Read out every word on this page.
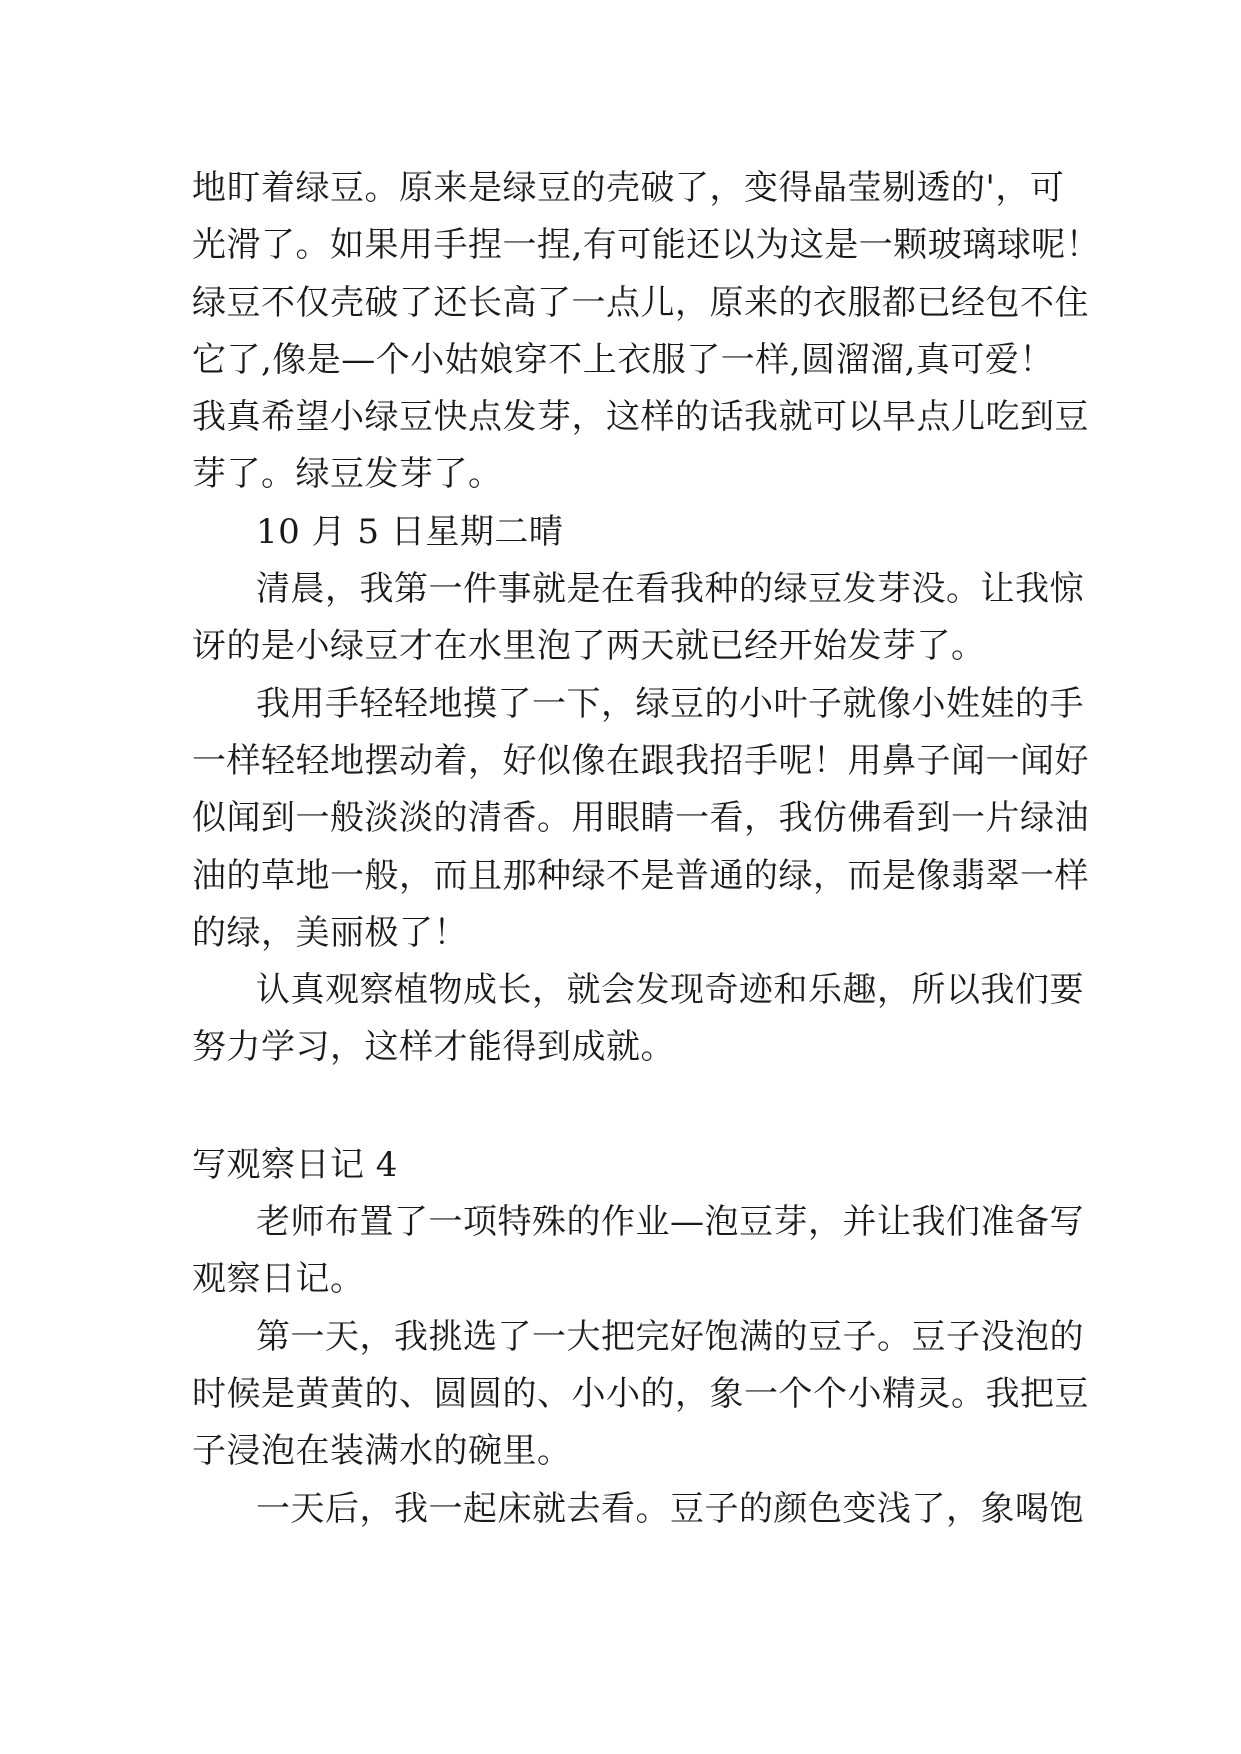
地盯着绿豆。原来是绿豆的壳破了，变得晶莹剔透的'，可
光滑了。如果用手捏一捏,有可能还以为这是一颗玻璃球呢！
绿豆不仅壳破了还长高了一点儿，原来的衣服都已经包不住
它了,像是—个小姑娘穿不上衣服了一样,圆溜溜,真可爱！
我真希望小绿豆快点发芽，这样的话我就可以早点儿吃到豆
芽了。绿豆发芽了。
10 月 5 日星期二晴
清晨，我第一件事就是在看我种的绿豆发芽没。让我惊
讶的是小绿豆才在水里泡了两天就已经开始发芽了。
我用手轻轻地摸了一下，绿豆的小叶子就像小姓娃的手
一样轻轻地摆动着，好似像在跟我招手呢！用鼻子闻一闻好
似闻到一般淡淡的清香。用眼睛一看，我仿佛看到一片绿油
油的草地一般，而且那种绿不是普通的绿，而是像翡翠一样
的绿，美丽极了！
认真观察植物成长，就会发现奇迹和乐趣，所以我们要
努力学习，这样才能得到成就。
写观察日记 4
老师布置了一项特殊的作业—泡豆芽，并让我们准备写
观察日记。
第一天，我挑选了一大把完好饱满的豆子。豆子没泡的
时候是黄黄的、圆圆的、小小的，象一个个小精灵。我把豆
子浸泡在装满水的碗里。
一天后，我一起床就去看。豆子的颜色变浅了，象喝饱
